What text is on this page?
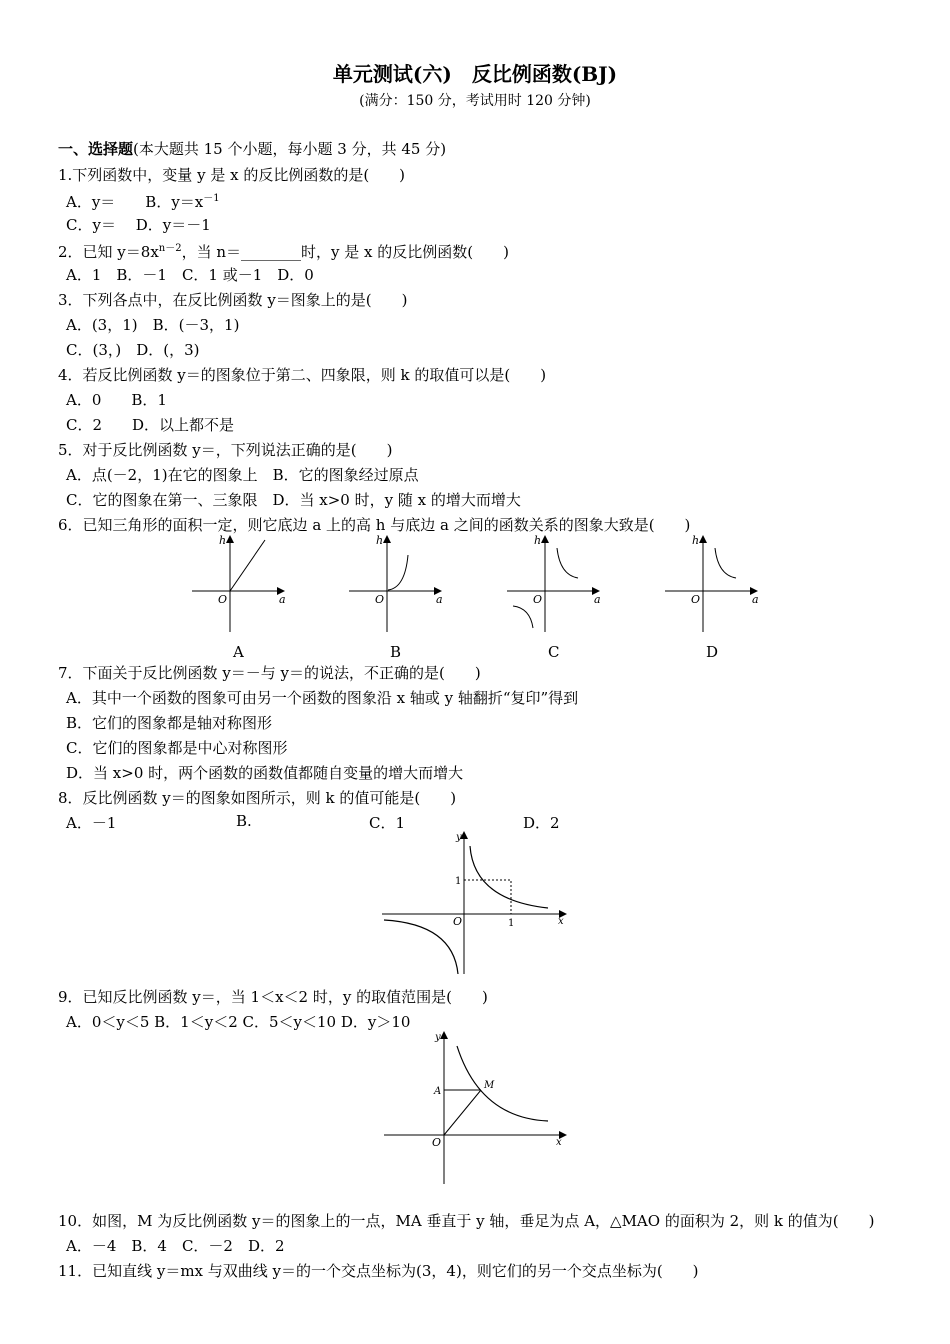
单元测试(六)　反比例函数(BJ)
(满分：150 分，考试用时 120 分钟)
一、选择题(本大题共 15 个小题，每小题 3 分，共 45 分)
1.下列函数中，变量 y 是 x 的反比例函数的是(　　)
A．y＝　　B．$y=x^{-1}$
C．y＝　 D．y＝－1
2．已知 $y=8x^{n-2}$，当 n＝________时，y 是 x 的反比例函数(　　)
A．1　B．－1　C．1 或－1　D．0
3．下列各点中，在反比例函数 y＝图象上的是(　　)
A．(3，1)　B．(－3，1)
C．(3，)　D．(，3)
4．若反比例函数 y＝的图象位于第二、四象限，则 k 的取值可以是(　　)
A．0　　B．1
C．2　　D．以上都不是
5．对于反比例函数 y＝，下列说法正确的是(　　)
A．点(－2，1)在它的图象上　B．它的图象经过原点
C．它的图象在第一、三象限　D．当 x>0 时，y 随 x 的增大而增大
6．已知三角形的面积一定，则它底边 a 上的高 h 与底边 a 之间的函数关系的图象大致是(　　)
h
a
O
h
a
O
h
a
O
h
a
O
A	B	C	D
7．下面关于反比例函数 y＝－与 y＝的说法，不正确的是(　　)
A．其中一个函数的图象可由另一个函数的图象沿 x 轴或 y 轴翻折“复印”得到
B．它们的图象都是轴对称图形
C．它们的图象都是中心对称图形
D．当 x>0 时，两个函数的函数值都随自变量的增大而增大
8．反比例函数 y＝的图象如图所示，则 k 的值可能是(　　)
A．－1	B.	C．1	D．2
y
x
O
1
1
9．已知反比例函数 y＝，当 1＜x＜2 时，y 的取值范围是(　　)
A．0＜y＜5 B．1＜y＜2 C．5＜y＜10 D．y＞10
y
x
O
A
M
10．如图，M 为反比例函数 y＝的图象上的一点，MA 垂直于 y 轴，垂足为点 A，△MAO 的面积为 2，则 k 的值为(　　)
A．－4　B．4　C．－2　D．2
11．已知直线 y＝mx 与双曲线 y＝的一个交点坐标为(3，4)，则它们的另一个交点坐标为(　　)
